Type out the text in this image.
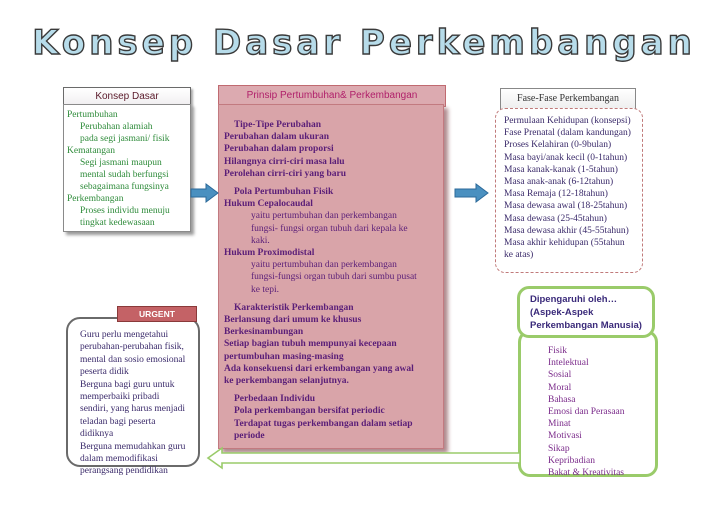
Konsep Dasar Perkembangan
Konsep Dasar	Prinsip Pertumbuhan& Perkembangan	Fase-Fase Perkembangan
Pertumbuhan
Perubahan alamiah
pada segi jasmani/ fisik
Kematangan
Segi jasmani maupun
mental sudah berfungsi
sebagaimana fungsinya
Perkembangan
Proses individu menuju
tingkat kedewasaan
Tipe-Tipe Perubahan
Perubahan dalam ukuran
Perubahan dalam proporsi
Hilangnya cirri-ciri masa lalu
Perolehan cirri-ciri yang baru
Pola Pertumbuhan Fisik
Hukum Cepalocaudal
yaitu pertumbuhan dan perkembangan
fungsi- fungsi organ tubuh dari kepala ke
kaki.
Hukum Proximodistal
yaitu pertumbuhan dan perkembangan
fungsi-fungsi organ tubuh dari sumbu pusat
ke tepi.
Karakteristik Perkembangan
Berlansung dari umum ke khusus
Berkesinambungan
Setiap bagian tubuh mempunyai kecepaan
pertumbuhan masing-masing
Ada konsekuensi dari erkembangan yang awal
ke perkembangan selanjutnya.
Perbedaan Individu
Pola perkembangan bersifat periodic
Terdapat tugas perkembangan dalam setiap
periode
Permulaan Kehidupan (konsepsi)
Fase Prenatal (dalam kandungan)
Proses Kelahiran (0-9bulan)
Masa bayi/anak kecil (0-1tahun)
Masa kanak-kanak (1-5tahun)
Masa anak-anak (6-12tahun)
Masa Remaja (12-18tahun)
Masa dewasa awal (18-25tahun)
Masa dewasa (25-45tahun)
Masa dewasa akhir (45-55tahun)
Masa akhir kehidupan (55tahun
ke atas)
Guru perlu mengetahui
perubahan-perubahan fisik,
mental dan sosio emosional
peserta didik
Berguna bagi guru untuk
memperbaiki pribadi
sendiri, yang harus menjadi
teladan bagi peserta
didiknya
Berguna memudahkan guru
dalam memodifikasi
perangsang pendidikan
URGENT
Fisik
Intelektual
Sosial
Moral
Bahasa
Emosi dan Perasaan
Minat
Motivasi
Sikap
Kepribadian
Bakat & Kreativitas
Dipengaruhi oleh…
(Aspek-Aspek
Perkembangan Manusia)
